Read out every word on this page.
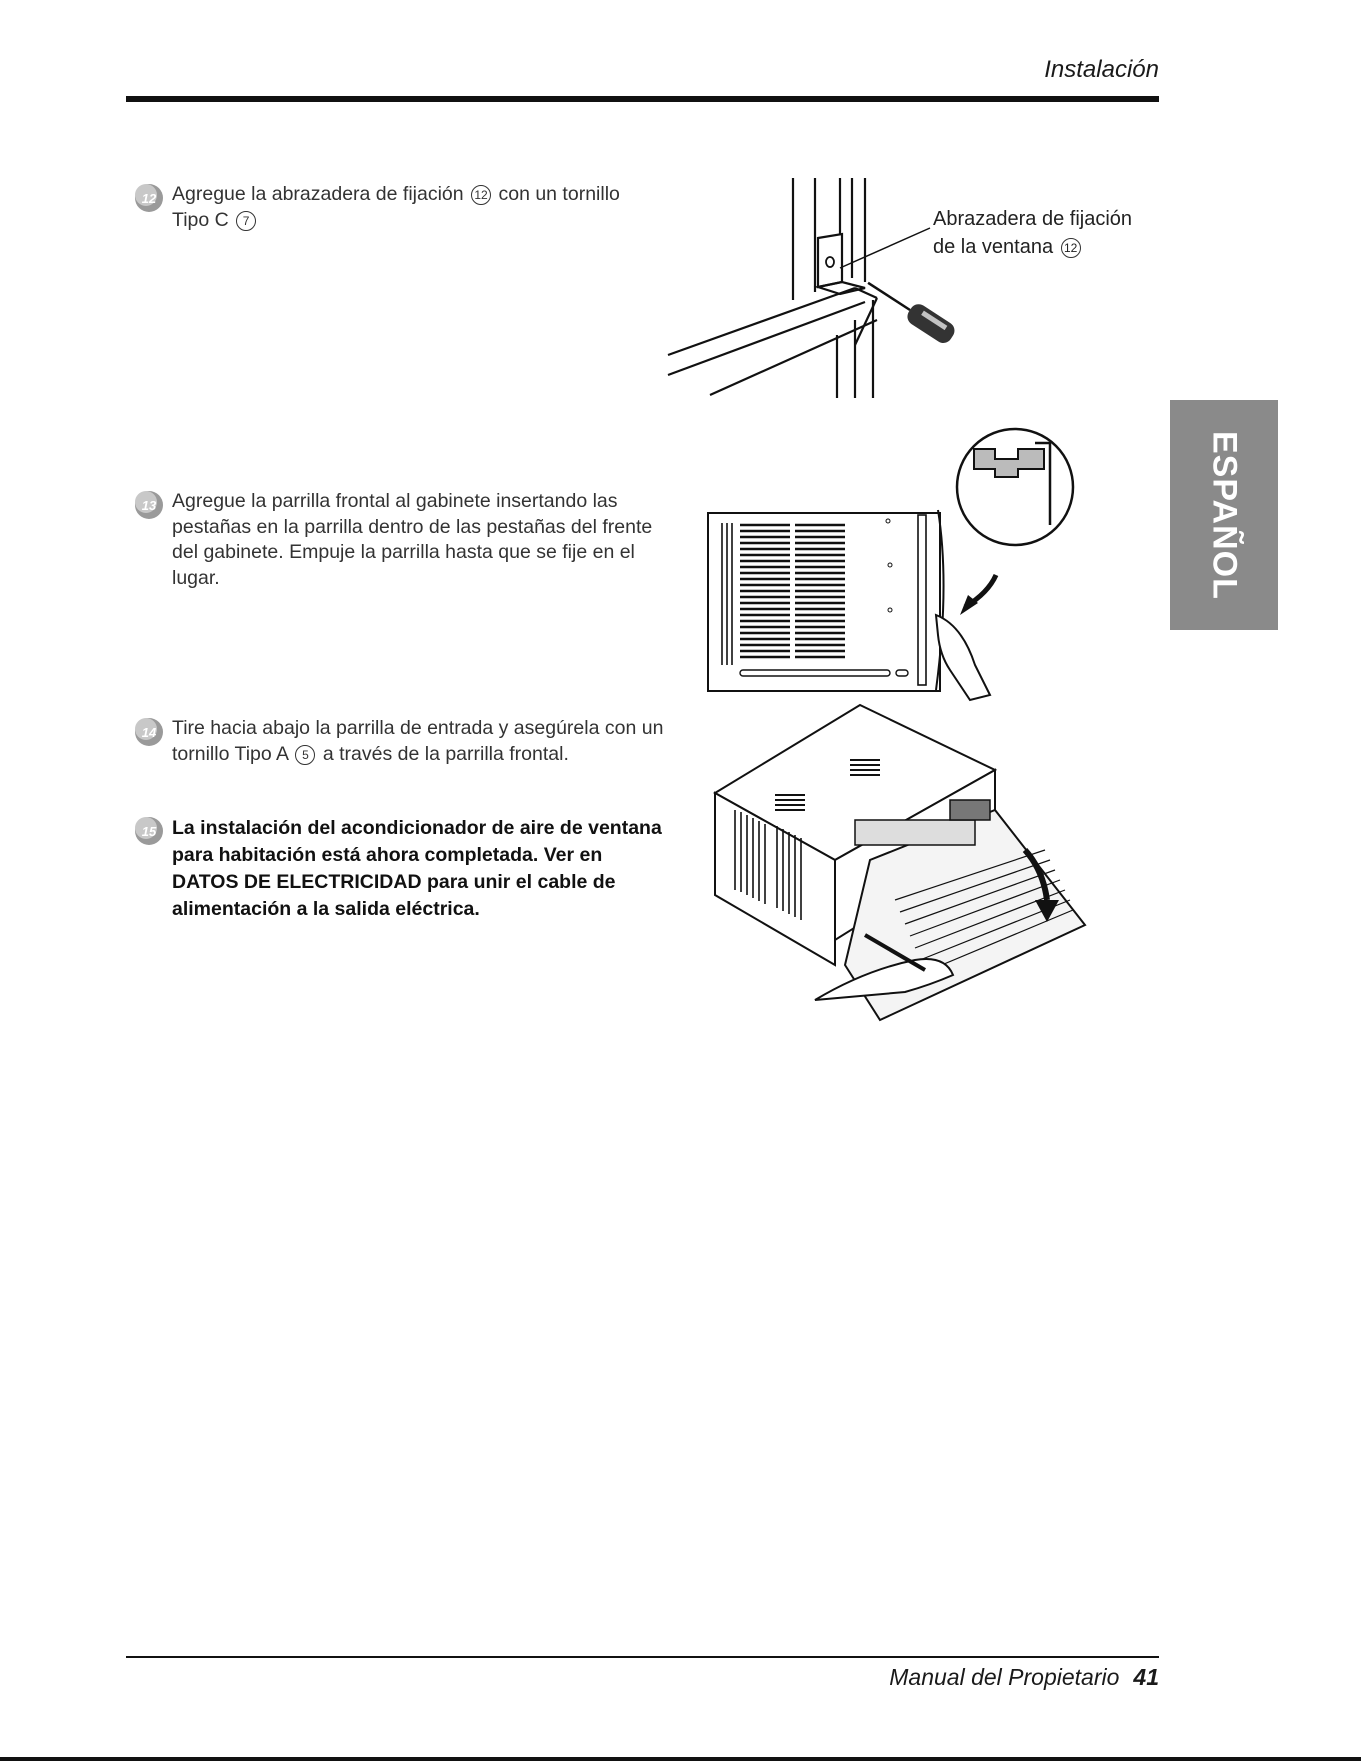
Instalación
12 Agregue la abrazadera de fijación 12 con un tornillo
Tipo C 7
13 Agregue la parrilla frontal al gabinete insertando las pestañas en la parrilla dentro de las pestañas del frente del gabinete. Empuje la parrilla hasta que se fije en el lugar.
14 Tire hacia abajo la parrilla de entrada y asegúrela con un tornillo Tipo A 5 a través de la parrilla frontal.
15 La instalación del acondicionador de aire de ventana para habitación está ahora completada. Ver en DATOS DE ELECTRICIDAD para unir el cable de alimentación a la salida eléctrica.
Abrazadera de fijación
de la ventana 12
ESPAÑOL
Manual del Propietario 41
